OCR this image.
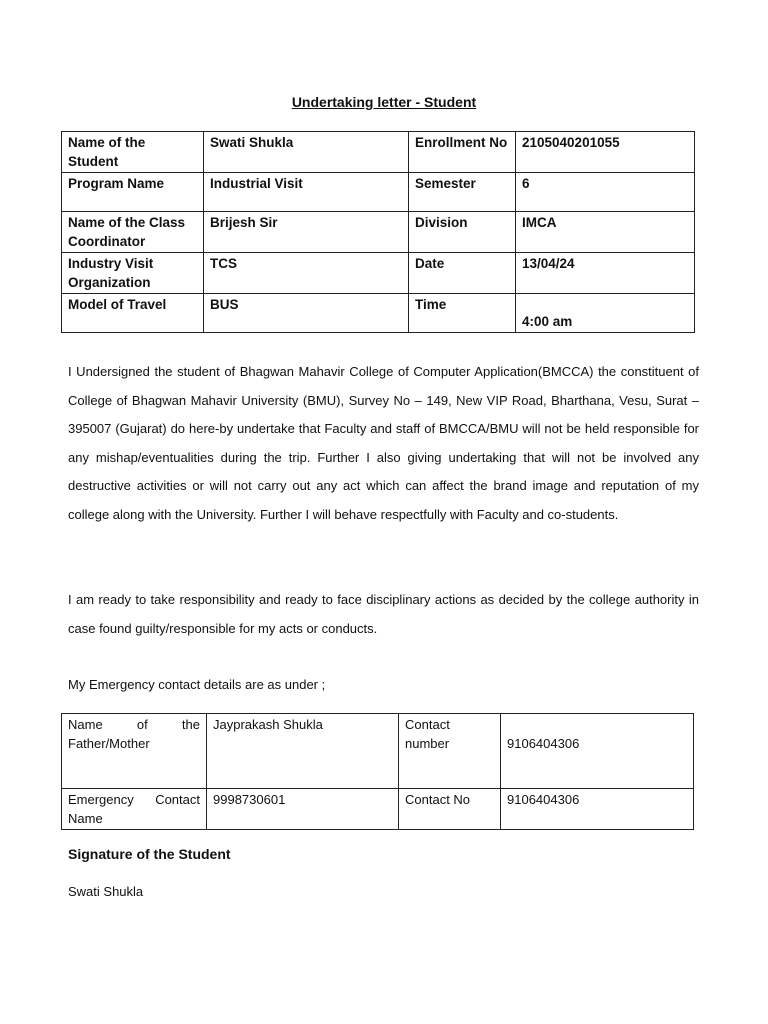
Undertaking letter - Student
Name of the Student	Swati Shukla	Enrollment No	2105040201055
Program Name	Industrial Visit	Semester	6
Name of the Class Coordinator	Brijesh Sir	Division	IMCA
Industry Visit Organization	TCS	Date	13/04/24
Model of Travel	BUS	Time	4:00 am

I Undersigned the student of Bhagwan Mahavir College of Computer Application(BMCCA) the constituent of College of Bhagwan Mahavir University (BMU), Survey No – 149, New VIP Road, Bharthana, Vesu, Surat – 395007 (Gujarat) do here-by undertake that Faculty and staff of BMCCA/BMU will not be held responsible for any mishap/eventualities during the trip. Further I also giving undertaking that will not be involved any destructive activities or will not carry out any act which can affect the brand image and reputation of my college along with the University. Further I will behave respectfully with Faculty and co-students.

I am ready to take responsibility and ready to face disciplinary actions as decided by the college authority in case found guilty/responsible for my acts or conducts.

My Emergency contact details are as under ;

Name of the Father/Mother	Jayprakash Shukla	Contact number	9106404306
Emergency Contact Name	9998730601	Contact No	9106404306
Signature of the Student
Swati Shukla
